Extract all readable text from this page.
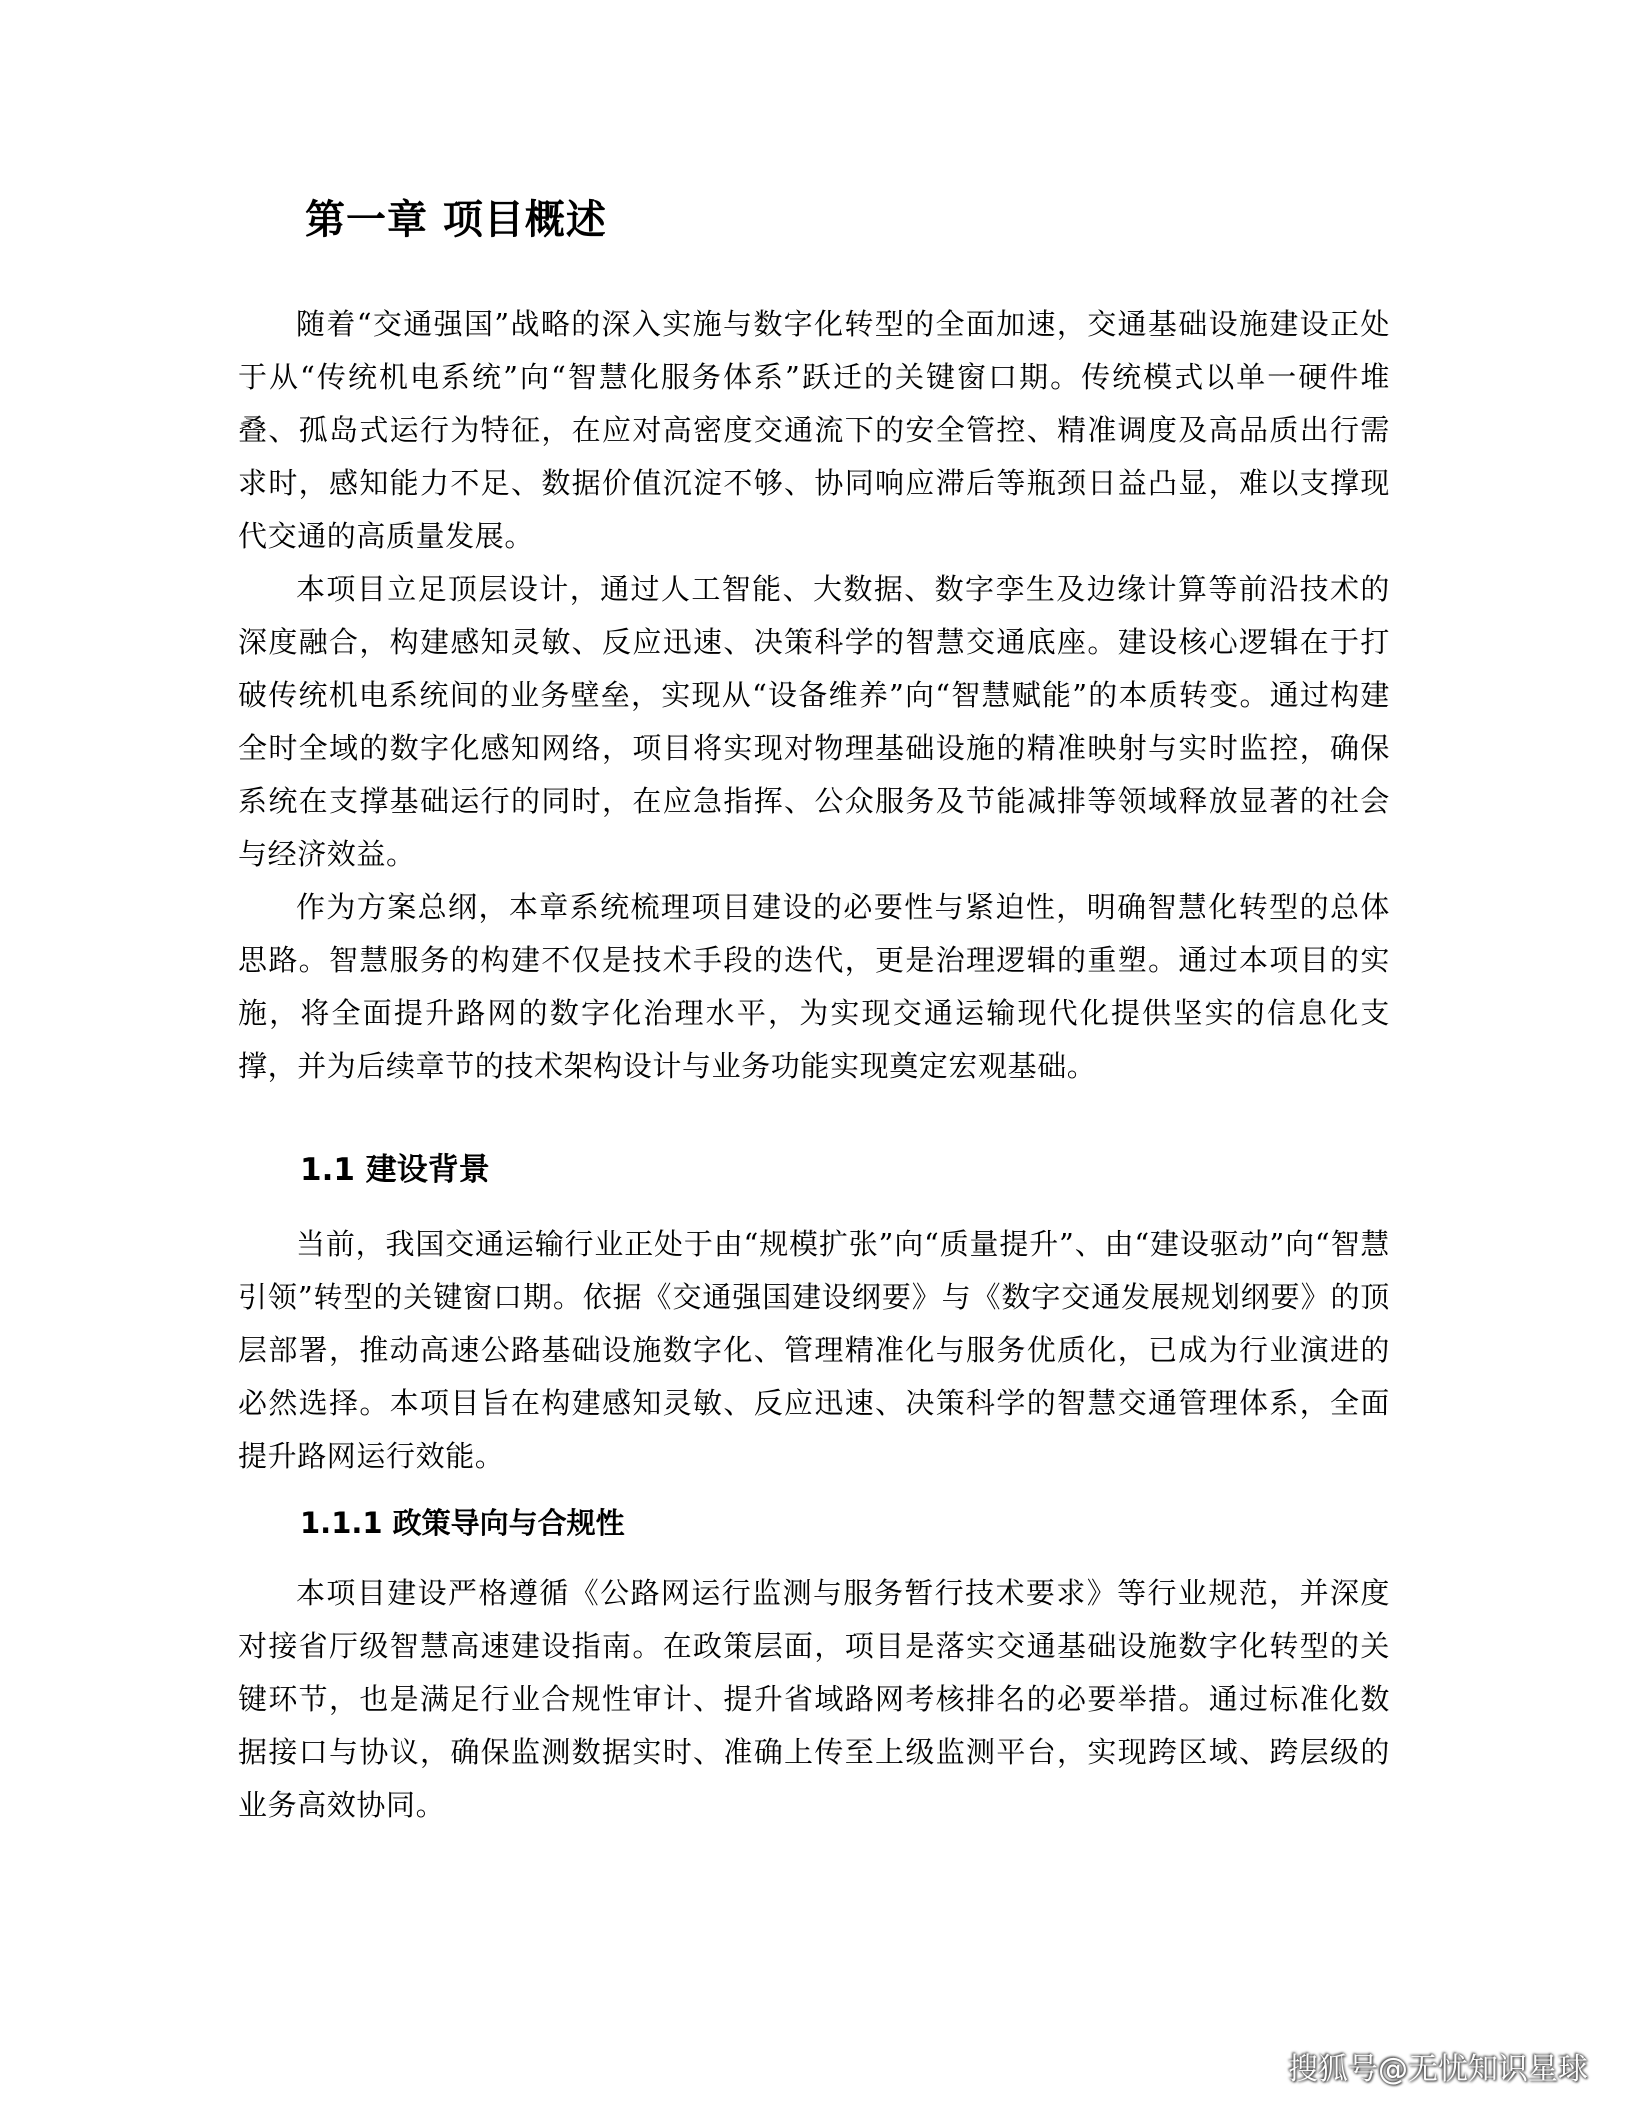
第一章 项目概述

随着“交通强国”战略的深入实施与数字化转型的全面加速，交通基础设施建设正处于从“传统机电系统”向“智慧化服务体系”跃迁的关键窗口期。传统模式以单一硬件堆叠、孤岛式运行为特征，在应对高密度交通流下的安全管控、精准调度及高品质出行需求时，感知能力不足、数据价值沉淀不够、协同响应滞后等瓶颈日益凸显，难以支撑现代交通的高质量发展。

本项目立足顶层设计，通过人工智能、大数据、数字孪生及边缘计算等前沿技术的深度融合，构建感知灵敏、反应迅速、决策科学的智慧交通底座。建设核心逻辑在于打破传统机电系统间的业务壁垒，实现从“设备维养”向“智慧赋能”的本质转变。通过构建全时全域的数字化感知网络，项目将实现对物理基础设施的精准映射与实时监控，确保系统在支撑基础运行的同时，在应急指挥、公众服务及节能减排等领域释放显著的社会与经济效益。

作为方案总纲，本章系统梳理项目建设的必要性与紧迫性，明确智慧化转型的总体思路。智慧服务的构建不仅是技术手段的迭代，更是治理逻辑的重塑。通过本项目的实施，将全面提升路网的数字化治理水平，为实现交通运输现代化提供坚实的信息化支撑，并为后续章节的技术架构设计与业务功能实现奠定宏观基础。

1.1 建设背景

当前，我国交通运输行业正处于由“规模扩张”向“质量提升”、由“建设驱动”向“智慧引领”转型的关键窗口期。依据《交通强国建设纲要》与《数字交通发展规划纲要》的顶层部署，推动高速公路基础设施数字化、管理精准化与服务优质化，已成为行业演进的必然选择。本项目旨在构建感知灵敏、反应迅速、决策科学的智慧交通管理体系，全面提升路网运行效能。

1.1.1 政策导向与合规性

本项目建设严格遵循《公路网运行监测与服务暂行技术要求》等行业规范，并深度对接省厅级智慧高速建设指南。在政策层面，项目是落实交通基础设施数字化转型的关键环节，也是满足行业合规性审计、提升省域路网考核排名的必要举措。通过标准化数据接口与协议，确保监测数据实时、准确上传至上级监测平台，实现跨区域、跨层级的业务高效协同。

搜狐号@无忧知识星球
